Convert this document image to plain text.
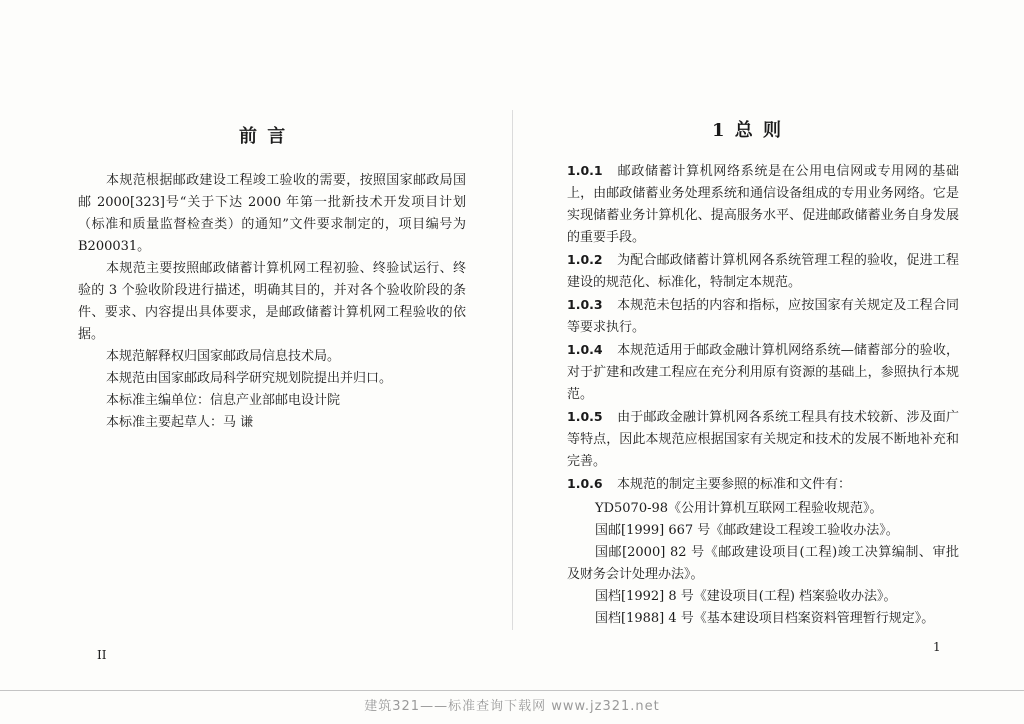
前 言

本规范根据邮政建设工程竣工验收的需要，按照国家邮政局国邮 2000[323]号“关于下达 2000 年第一批新技术开发项目计划（标准和质量监督检查类）的通知”文件要求制定的，项目编号为B200031。

本规范主要按照邮政储蓄计算机网工程初验、终验试运行、终验的 3 个验收阶段进行描述，明确其目的，并对各个验收阶段的条件、要求、内容提出具体要求，是邮政储蓄计算机网工程验收的依据。

本规范解释权归国家邮政局信息技术局。

本规范由国家邮政局科学研究规划院提出并归口。

本标准主编单位：信息产业部邮电设计院

本标准主要起草人：马 谦

II
1 总 则

1.0.1 邮政储蓄计算机网络系统是在公用电信网或专用网的基础上，由邮政储蓄业务处理系统和通信设备组成的专用业务网络。它是实现储蓄业务计算机化、提高服务水平、促进邮政储蓄业务自身发展的重要手段。

1.0.2 为配合邮政储蓄计算机网各系统管理工程的验收，促进工程建设的规范化、标准化，特制定本规范。

1.0.3 本规范未包括的内容和指标，应按国家有关规定及工程合同等要求执行。

1.0.4 本规范适用于邮政金融计算机网络系统—储蓄部分的验收，对于扩建和改建工程应在充分利用原有资源的基础上，参照执行本规范。

1.0.5 由于邮政金融计算机网各系统工程具有技术较新、涉及面广等特点，因此本规范应根据国家有关规定和技术的发展不断地补充和完善。

1.0.6 本规范的制定主要参照的标准和文件有：

YD5070-98《公用计算机互联网工程验收规范》。

国邮[1999] 667 号《邮政建设工程竣工验收办法》。

国邮[2000] 82 号《邮政建设项目(工程)竣工决算编制、审批及财务会计处理办法》。

国档[1992] 8 号《建设项目(工程) 档案验收办法》。

国档[1988] 4 号《基本建设项目档案资料管理暂行规定》。

1
建筑321——标准查询下载网 www.jz321.net
